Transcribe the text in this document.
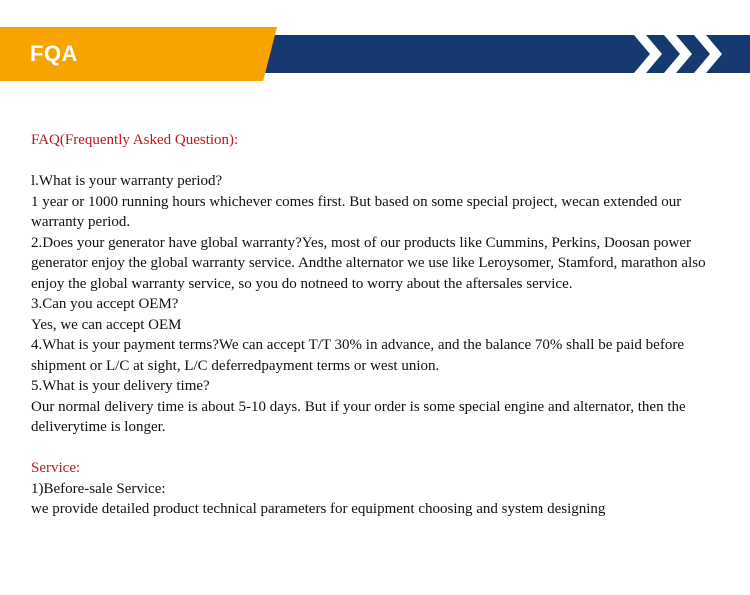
FQA

FAQ(Frequently Asked Question):

l.What is your warranty period?

1 year or 1000 running hours whichever comes first. But based on some special project, wecan extended our warranty period.

2.Does your generator have global warranty?Yes, most of our products like Cummins, Perkins, Doosan power generator enjoy the global warranty service. Andthe alternator we use like Leroysomer, Stamford, marathon also enjoy the global warranty service, so you do notneed to worry about the aftersales service.

3.Can you accept OEM?

Yes, we can accept OEM

4.What is your payment terms?We can accept T/T 30% in advance, and the balance 70% shall be paid before shipment or L/C at sight, L/C deferredpayment terms or west union.

5.What is your delivery time?

Our normal delivery time is about 5-10 days. But if your order is some special engine and alternator, then the deliverytime is longer.

Service:

1)Before-sale Service:

we provide detailed product technical parameters for equipment choosing and system designing
